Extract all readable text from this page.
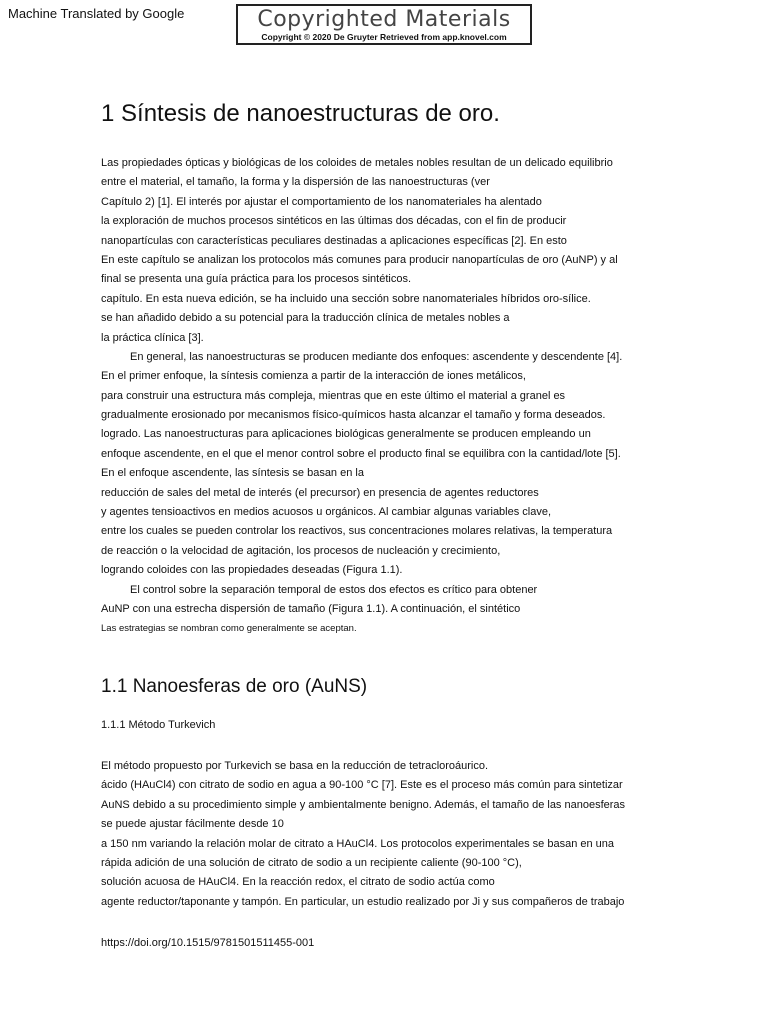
Machine Translated by Google	Copyrighted Materials
Copyright © 2020 De Gruyter Retrieved from app.knovel.com
1 Síntesis de nanoestructuras de oro.
Las propiedades ópticas y biológicas de los coloides de metales nobles resultan de un delicado equilibrio
entre el material, el tamaño, la forma y la dispersión de las nanoestructuras (ver
Capítulo 2) [1]. El interés por ajustar el comportamiento de los nanomateriales ha alentado
la exploración de muchos procesos sintéticos en las últimas dos décadas, con el fin de producir
nanopartículas con características peculiares destinadas a aplicaciones específicas [2]. En esto
En este capítulo se analizan los protocolos más comunes para producir nanopartículas de oro (AuNP) y al
final se presenta una guía práctica para los procesos sintéticos.
capítulo. En esta nueva edición, se ha incluido una sección sobre nanomateriales híbridos oro-sílice.
se han añadido debido a su potencial para la traducción clínica de metales nobles a
la práctica clínica [3].
En general, las nanoestructuras se producen mediante dos enfoques: ascendente y descendente [4].
En el primer enfoque, la síntesis comienza a partir de la interacción de iones metálicos,
para construir una estructura más compleja, mientras que en este último el material a granel es
gradualmente erosionado por mecanismos físico-químicos hasta alcanzar el tamaño y forma deseados.
logrado. Las nanoestructuras para aplicaciones biológicas generalmente se producen empleando un
enfoque ascendente, en el que el menor control sobre el producto final se equilibra con la cantidad/lote [5].
En el enfoque ascendente, las síntesis se basan en la
reducción de sales del metal de interés (el precursor) en presencia de agentes reductores
y agentes tensioactivos en medios acuosos u orgánicos. Al cambiar algunas variables clave,
entre los cuales se pueden controlar los reactivos, sus concentraciones molares relativas, la temperatura
de reacción o la velocidad de agitación, los procesos de nucleación y crecimiento,
logrando coloides con las propiedades deseadas (Figura 1.1).
El control sobre la separación temporal de estos dos efectos es crítico para obtener
AuNP con una estrecha dispersión de tamaño (Figura 1.1). A continuación, el sintético
Las estrategias se nombran como generalmente se aceptan.
1.1 Nanoesferas de oro (AuNS)
1.1.1 Método Turkevich
El método propuesto por Turkevich se basa en la reducción de tetracloroáurico.
ácido (HAuCl4) con citrato de sodio en agua a 90-100 °C [7]. Este es el proceso más común para sintetizar
AuNS debido a su procedimiento simple y ambientalmente benigno. Además, el tamaño de las nanoesferas
se puede ajustar fácilmente desde 10
a 150 nm variando la relación molar de citrato a HAuCl4. Los protocolos experimentales se basan en una
rápida adición de una solución de citrato de sodio a un recipiente caliente (90-100 °C),
solución acuosa de HAuCl4. En la reacción redox, el citrato de sodio actúa como
agente reductor/taponante y tampón. En particular, un estudio realizado por Ji y sus compañeros de trabajo
https://doi.org/10.1515/9781501511455-001
